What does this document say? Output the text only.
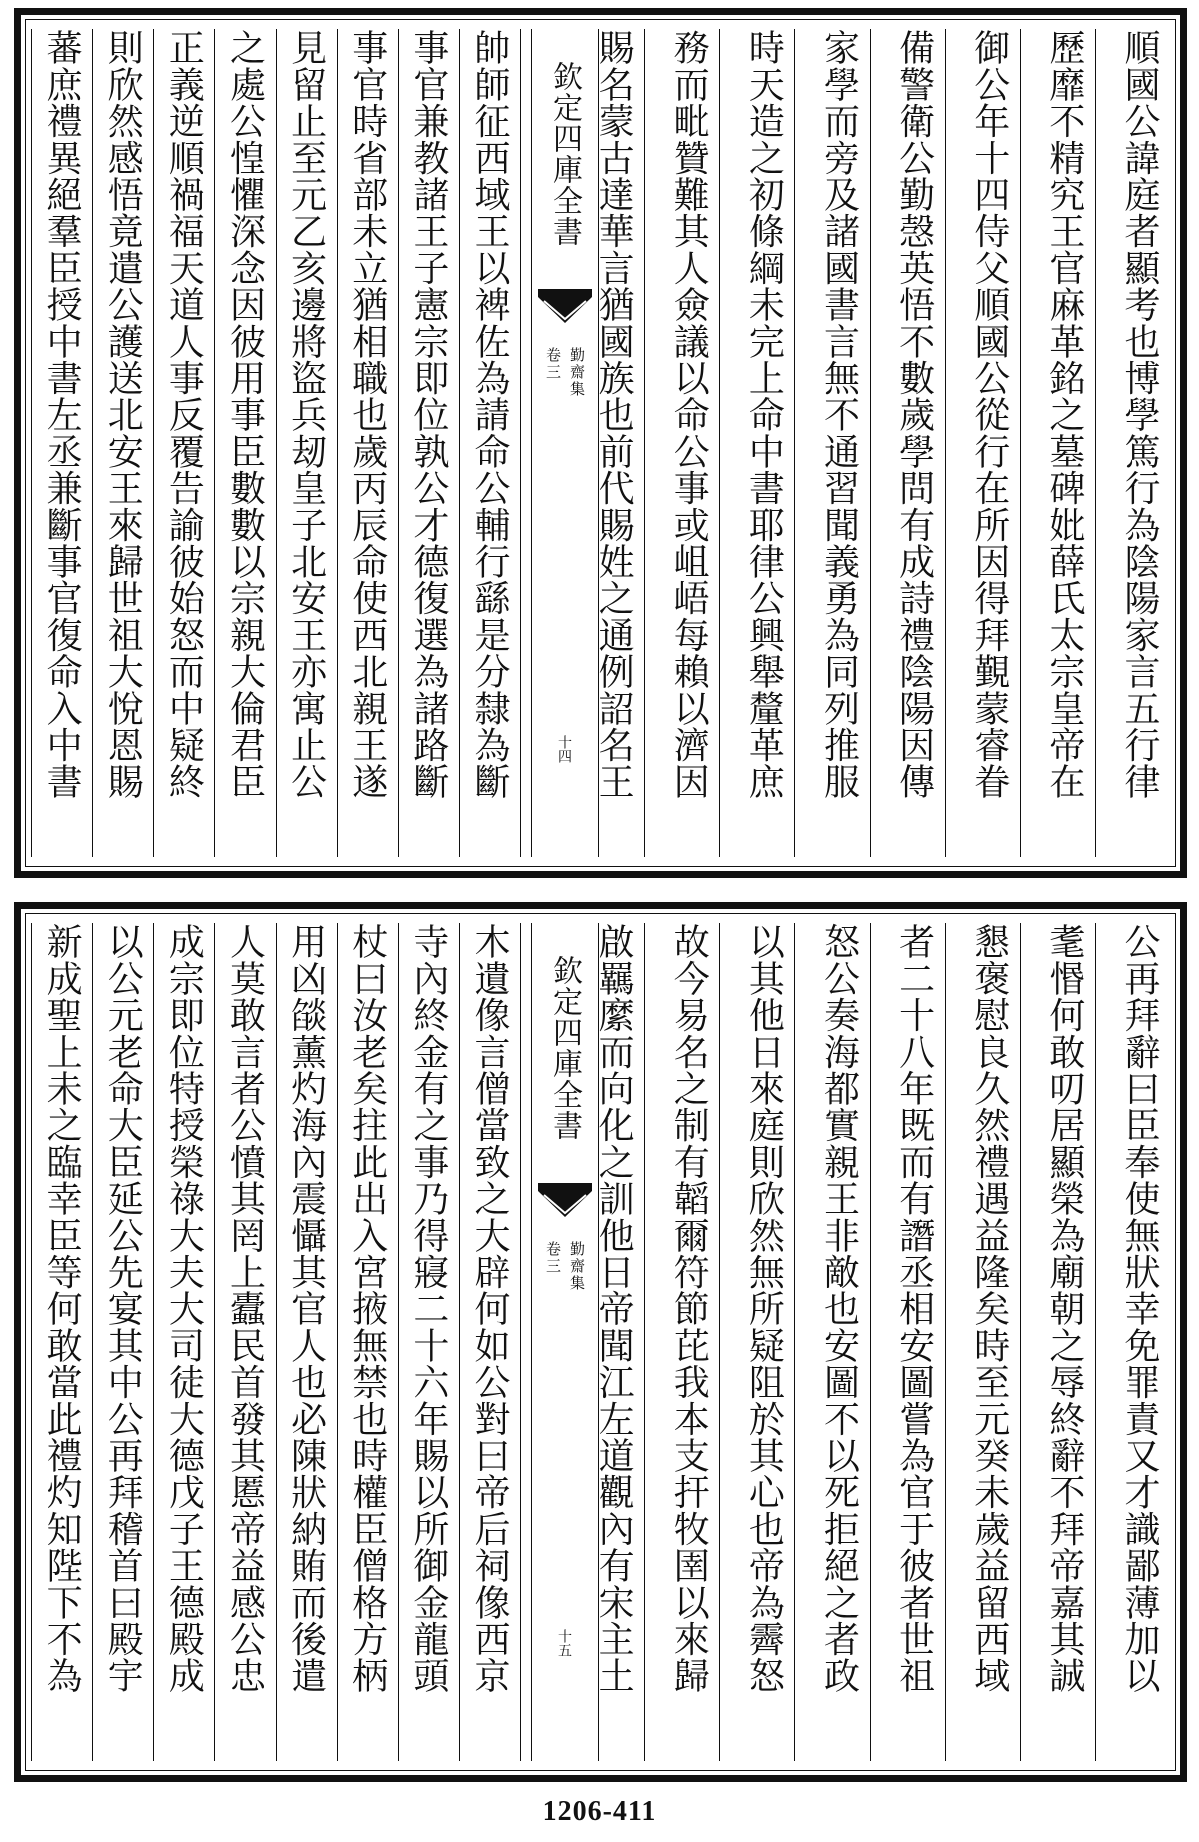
順國公諱庭者顯考也博學篤行為陰陽家言五行律
歷靡不精究王官麻革銘之墓碑妣薛氏太宗皇帝在
御公年十四侍父順國公從行在所因得拜覲蒙睿眷
備警衛公勤愨英悟不數歲學問有成詩禮陰陽因傳
家學而旁及諸國書言無不通習聞義勇為同列推服
時天造之初條綱未完上命中書耶律公興舉釐革庶
務而毗贊難其人僉議以命公事或岨峿每賴以濟因
賜名蒙古達華言猶國族也前代賜姓之通例詔名王
欽定四庫全書
勤齋集
卷三
十四
帥師征西域王以裨佐為請命公輔行繇是分隸為斷
事官兼教諸王子憲宗即位孰公才德復選為諸路斷
事官時省部未立猶相職也歲丙辰命使西北親王遂
見留止至元乙亥邊將盜兵刼皇子北安王亦寓止公
之處公惶懼深念因彼用事臣數數以宗親大倫君臣
正義逆順禍福天道人事反覆告諭彼始怒而中疑終
則欣然感悟竟遣公護送北安王來歸世祖大悅恩賜
蕃庶禮異絕羣臣授中書左丞兼斷事官復命入中書
公再拜辭曰臣奉使無狀幸免罪責又才識鄙薄加以
耄惽何敢叨居顯榮為廟朝之辱終辭不拜帝嘉其誠
懇褒慰良久然禮遇益隆矣時至元癸未歲益留西域
者二十八年既而有譖丞相安圖嘗為官于彼者世祖
怒公奏海都實親王非敵也安圖不以死拒絕之者政
以其他日來庭則欣然無所疑阻於其心也帝為霽怒
故今易名之制有韜爾符節芘我本支扞牧圉以來歸
啟羈縻而向化之訓他日帝聞江左道觀內有宋主土
欽定四庫全書
勤齋集
卷三
十五
木遺像言僧當致之大辟何如公對曰帝后祠像西京
寺內終金有之事乃得寢二十六年賜以所御金龍頭
杖曰汝老矣拄此出入宮掖無禁也時權臣僧格方柄
用凶燄薰灼海內震懾其官人也必陳狀納賄而後遣
人莫敢言者公憤其罔上蠹民首發其慝帝益感公忠
成宗即位特授榮祿大夫大司徒大德戊子王德殿成
以公元老命大臣延公先宴其中公再拜稽首曰殿宇
新成聖上未之臨幸臣等何敢當此禮灼知陛下不為
1206-411
